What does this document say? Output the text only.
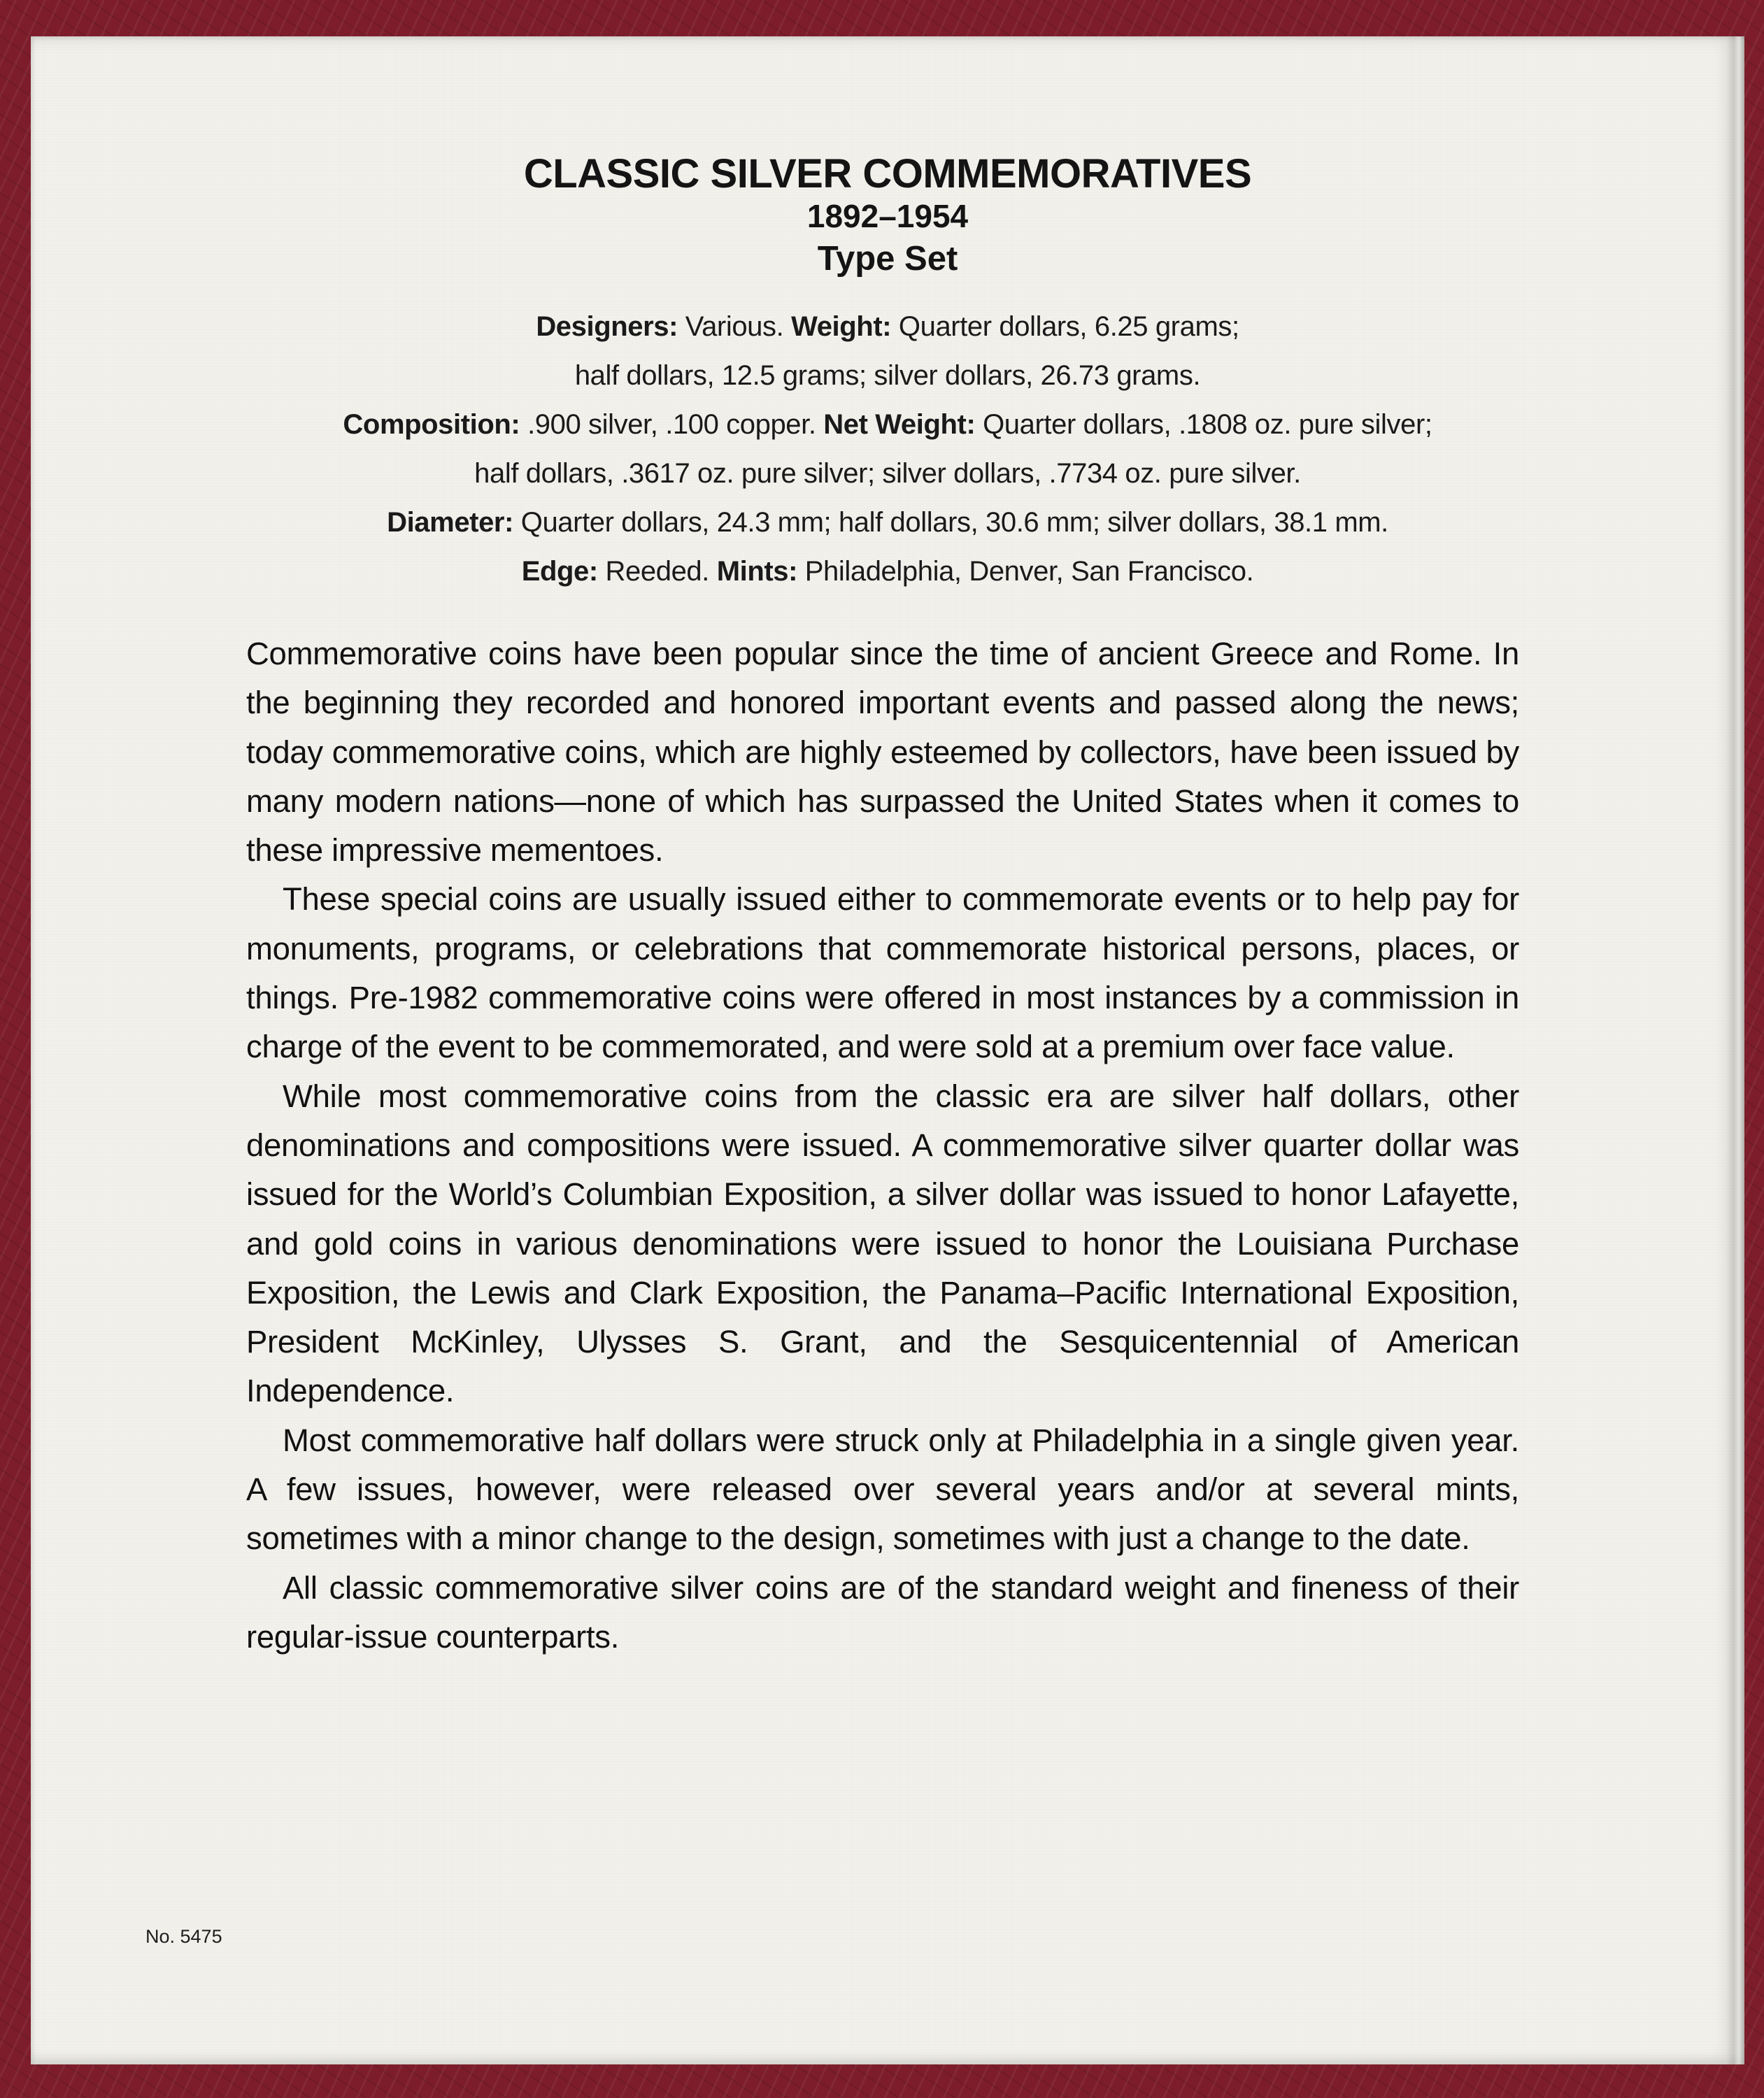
CLASSIC SILVER COMMEMORATIVES
1892–1954
Type Set
Designers: Various. Weight: Quarter dollars, 6.25 grams;
half dollars, 12.5 grams; silver dollars, 26.73 grams.
Composition: .900 silver, .100 copper. Net Weight: Quarter dollars, .1808 oz. pure silver;
half dollars, .3617 oz. pure silver; silver dollars, .7734 oz. pure silver.
Diameter: Quarter dollars, 24.3 mm; half dollars, 30.6 mm; silver dollars, 38.1 mm.
Edge: Reeded. Mints: Philadelphia, Denver, San Francisco.

Commemorative coins have been popular since the time of ancient Greece and Rome. In the beginning they recorded and honored important events and passed along the news; today commemorative coins, which are highly esteemed by collectors, have been issued by many modern nations—none of which has surpassed the United States when it comes to these impressive mementoes.

These special coins are usually issued either to commemorate events or to help pay for monuments, programs, or celebrations that commemorate historical persons, places, or things. Pre-1982 commemorative coins were offered in most instances by a commission in charge of the event to be commemorated, and were sold at a premium over face value.

While most commemorative coins from the classic era are silver half dollars, other denominations and compositions were issued. A commemorative silver quarter dollar was issued for the World’s Columbian Exposition, a silver dollar was issued to honor Lafayette, and gold coins in various denominations were issued to honor the Louisiana Purchase Exposition, the Lewis and Clark Exposition, the Panama–Pacific International Exposition, President McKinley, Ulysses S. Grant, and the Sesquicentennial of American Independence.

Most commemorative half dollars were struck only at Philadelphia in a single given year. A few issues, however, were released over several years and/or at several mints, sometimes with a minor change to the design, sometimes with just a change to the date.

All classic commemorative silver coins are of the standard weight and fineness of their regular-issue counterparts.

No. 5475
